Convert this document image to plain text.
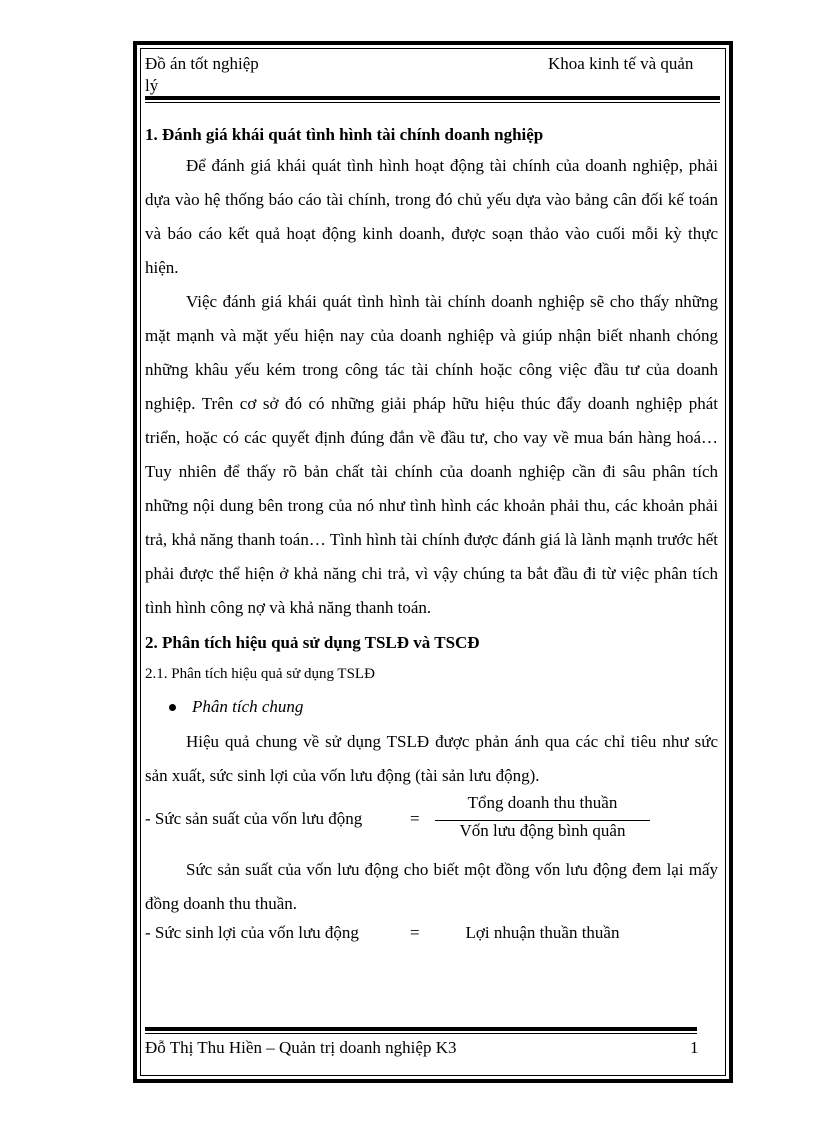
Đồ án tốt nghiệp lý
Khoa kinh tế và quản

1. Đánh giá khái quát tình hình tài chính doanh nghiệp

Để đánh giá khái quát tình hình hoạt động tài chính của doanh nghiệp, phải dựa vào hệ thống báo cáo tài chính, trong đó chủ yếu dựa vào bảng cân đối kế toán và báo cáo kết quả hoạt động kinh doanh, được soạn thảo vào cuối mỗi kỳ thực hiện.

Việc đánh giá khái quát tình hình tài chính doanh nghiệp sẽ cho thấy những mặt mạnh và mặt yếu hiện nay của doanh nghiệp và giúp nhận biết nhanh chóng những khâu yếu kém trong công tác tài chính hoặc công việc đầu tư của doanh nghiệp. Trên cơ sở đó có những giải pháp hữu hiệu thúc đẩy doanh nghiệp phát triển, hoặc có các quyết định đúng đắn về đầu tư, cho vay về mua bán hàng hoá… Tuy nhiên để thấy rõ bản chất tài chính của doanh nghiệp cần đi sâu phân tích những nội dung bên trong của nó như tình hình các khoản phải thu, các khoản phải trả, khả năng thanh toán… Tình hình tài chính được đánh giá là lành mạnh trước hết phải được thể hiện ở khả năng chi trả, vì vậy chúng ta bắt đầu đi từ việc phân tích tình hình công nợ và khả năng thanh toán.

2. Phân tích hiệu quả sử dụng TSLĐ và TSCĐ

2.1. Phân tích hiệu quả sử dụng TSLĐ

Phân tích chung

Hiệu quả chung về sử dụng TSLĐ được phản ánh qua các chỉ tiêu như sức sản xuất, sức sinh lợi của vốn lưu động (tài sản lưu động).

- Sức sản suất của vốn lưu động	=
Tổng doanh thu thuần
Vốn lưu động bình quân

Sức sản suất của vốn lưu động cho biết một đồng vốn lưu động đem lại mấy đồng doanh thu thuần.

- Sức sinh lợi của vốn lưu động	=	Lợi nhuận thuần thuần
Đỗ Thị Thu Hiền – Quản trị doanh nghiệp K3	1
